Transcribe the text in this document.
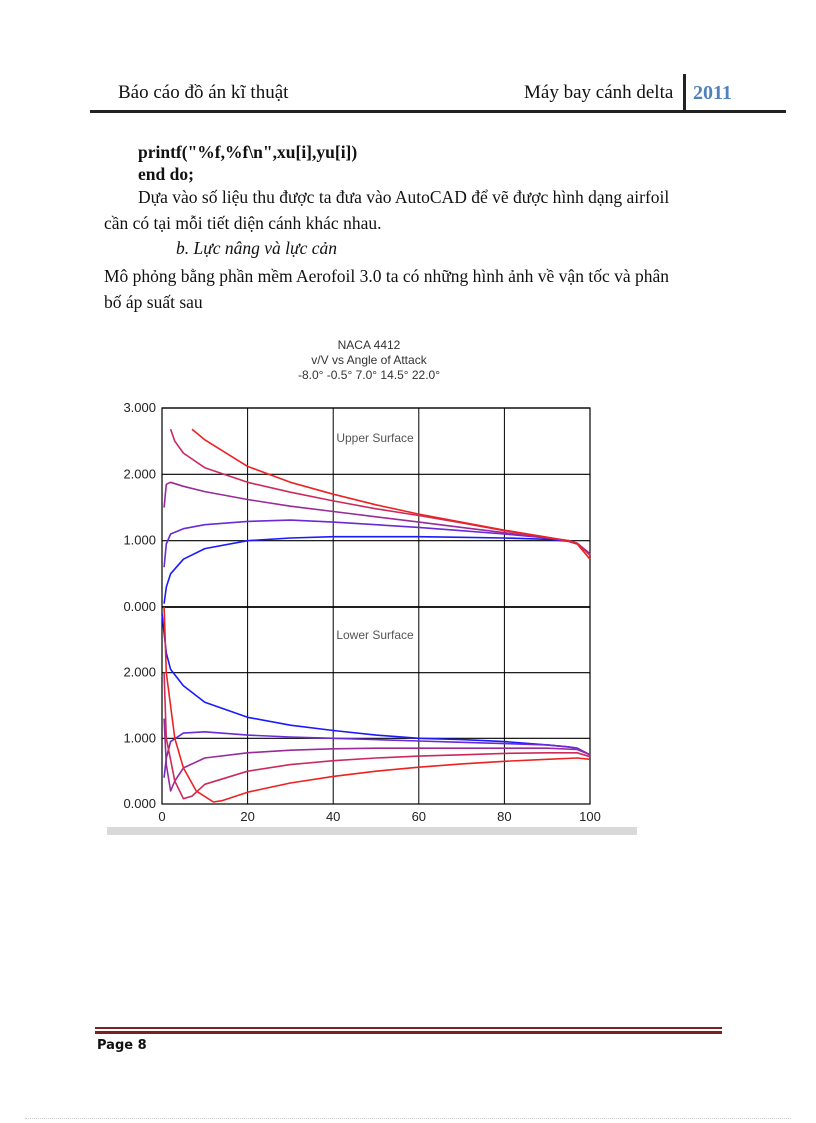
Báo cáo đồ án kĩ thuật	Máy bay cánh delta 2011
printf("%f,%f\n",xu[i],yu[i])
end do;
Dựa vào số liệu thu được ta đưa vào AutoCAD để vẽ được hình dạng airfoil
cần có tại mỗi tiết diện cánh khác nhau.
b. Lực nâng và lực cản
Mô phỏng bằng phần mềm Aerofoil 3.0 ta có những hình ảnh về vận tốc và phân
bố áp suất sau
NACA 4412
v/V vs Angle of Attack
-8.0° -0.5° 7.0° 14.5° 22.0°
3.000
2.000
1.000
0.000
2.000
1.000
0.000
0	20	40	60	80	100
Upper Surface
Lower Surface
Page 8
